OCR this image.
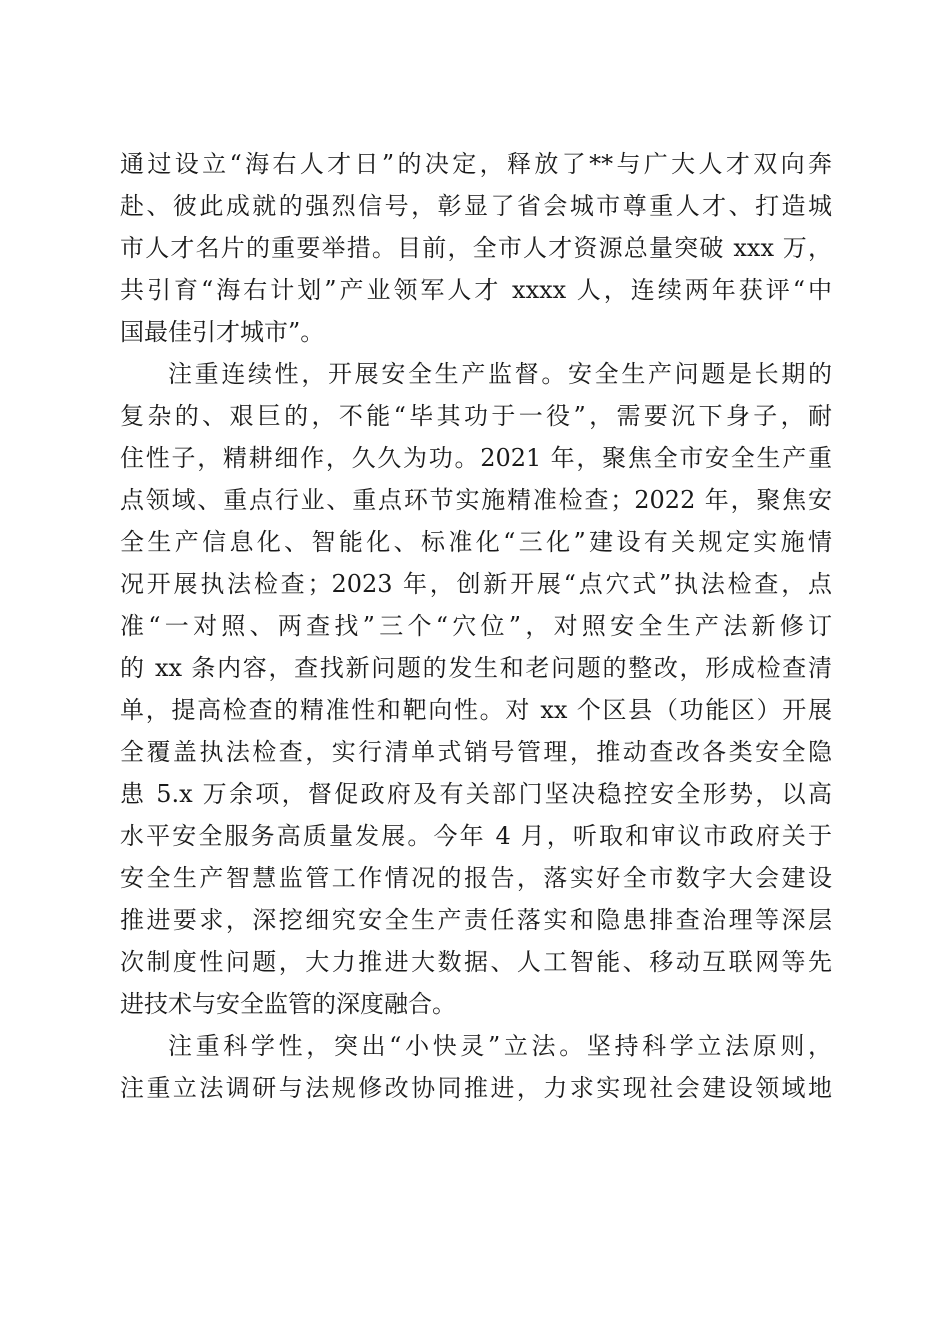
通过设立“海右人才日”的决定，释放了**与广大人才双向奔
赴、彼此成就的强烈信号，彰显了省会城市尊重人才、打造城
市人才名片的重要举措。目前，全市人才资源总量突破 xxx 万，
共引育“海右计划”产业领军人才 xxxx 人，连续两年获评“中
国最佳引才城市”。
注重连续性，开展安全生产监督。安全生产问题是长期的
复杂的、艰巨的，不能“毕其功于一役”，需要沉下身子，耐
住性子，精耕细作，久久为功。2021 年，聚焦全市安全生产重
点领域、重点行业、重点环节实施精准检查；2022 年，聚焦安
全生产信息化、智能化、标准化“三化”建设有关规定实施情
况开展执法检查；2023 年，创新开展“点穴式”执法检查，点
准“一对照、两查找”三个“穴位”，对照安全生产法新修订
的 xx 条内容，查找新问题的发生和老问题的整改，形成检查清
单，提高检查的精准性和靶向性。对 xx 个区县（功能区）开展
全覆盖执法检查，实行清单式销号管理，推动查改各类安全隐
患 5.x 万余项，督促政府及有关部门坚决稳控安全形势，以高
水平安全服务高质量发展。今年 4 月，听取和审议市政府关于
安全生产智慧监管工作情况的报告，落实好全市数字大会建设
推进要求，深挖细究安全生产责任落实和隐患排查治理等深层
次制度性问题，大力推进大数据、人工智能、移动互联网等先
进技术与安全监管的深度融合。
注重科学性，突出“小快灵”立法。坚持科学立法原则，
注重立法调研与法规修改协同推进，力求实现社会建设领域地
